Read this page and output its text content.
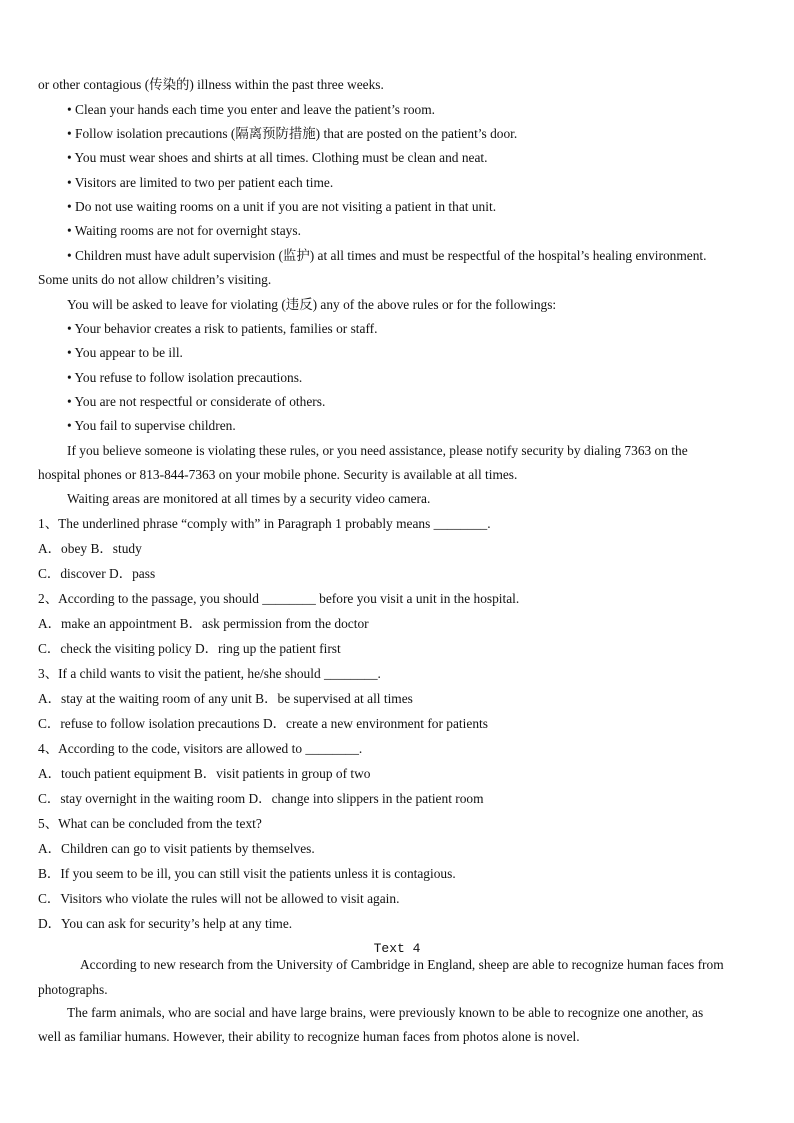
or other contagious (传染的) illness within the past three weeks.
• Clean your hands each time you enter and leave the patient’s room.
• Follow isolation precautions (隔离预防措施) that are posted on the patient’s door.
• You must wear shoes and shirts at all times. Clothing must be clean and neat.
• Visitors are limited to two per patient each time.
• Do not use waiting rooms on a unit if you are not visiting a patient in that unit.
• Waiting rooms are not for overnight stays.
• Children must have adult supervision (监护) at all times and must be respectful of the hospital’s healing environment.
Some units do not allow children’s visiting.
You will be asked to leave for violating (违反) any of the above rules or for the followings:
• Your behavior creates a risk to patients, families or staff.
• You appear to be ill.
• You refuse to follow isolation precautions.
• You are not respectful or considerate of others.
• You fail to supervise children.
If you believe someone is violating these rules, or you need assistance, please notify security by dialing 7363 on the
hospital phones or 813-844-7363 on your mobile phone. Security is available at all times.
Waiting areas are monitored at all times by a security video camera.
1、The underlined phrase “comply with” in Paragraph 1 probably means ________.
A．obey B．study
C．discover D．pass
2、According to the passage, you should ________ before you visit a unit in the hospital.
A．make an appointment B．ask permission from the doctor
C．check the visiting policy D．ring up the patient first
3、If a child wants to visit the patient, he/she should ________.
A．stay at the waiting room of any unit B．be supervised at all times
C．refuse to follow isolation precautions D．create a new environment for patients
4、According to the code, visitors are allowed to ________.
A．touch patient equipment B．visit patients in group of two
C．stay overnight in the waiting room D．change into slippers in the patient room
5、What can be concluded from the text?
A．Children can go to visit patients by themselves.
B．If you seem to be ill, you can still visit the patients unless it is contagious.
C．Visitors who violate the rules will not be allowed to visit again.
D．You can ask for security’s help at any time.
Text 4
According to new research from the University of Cambridge in England, sheep are able to recognize human faces from
photographs.
The farm animals, who are social and have large brains, were previously known to be able to recognize one another, as
well as familiar humans. However, their ability to recognize human faces from photos alone is novel.
